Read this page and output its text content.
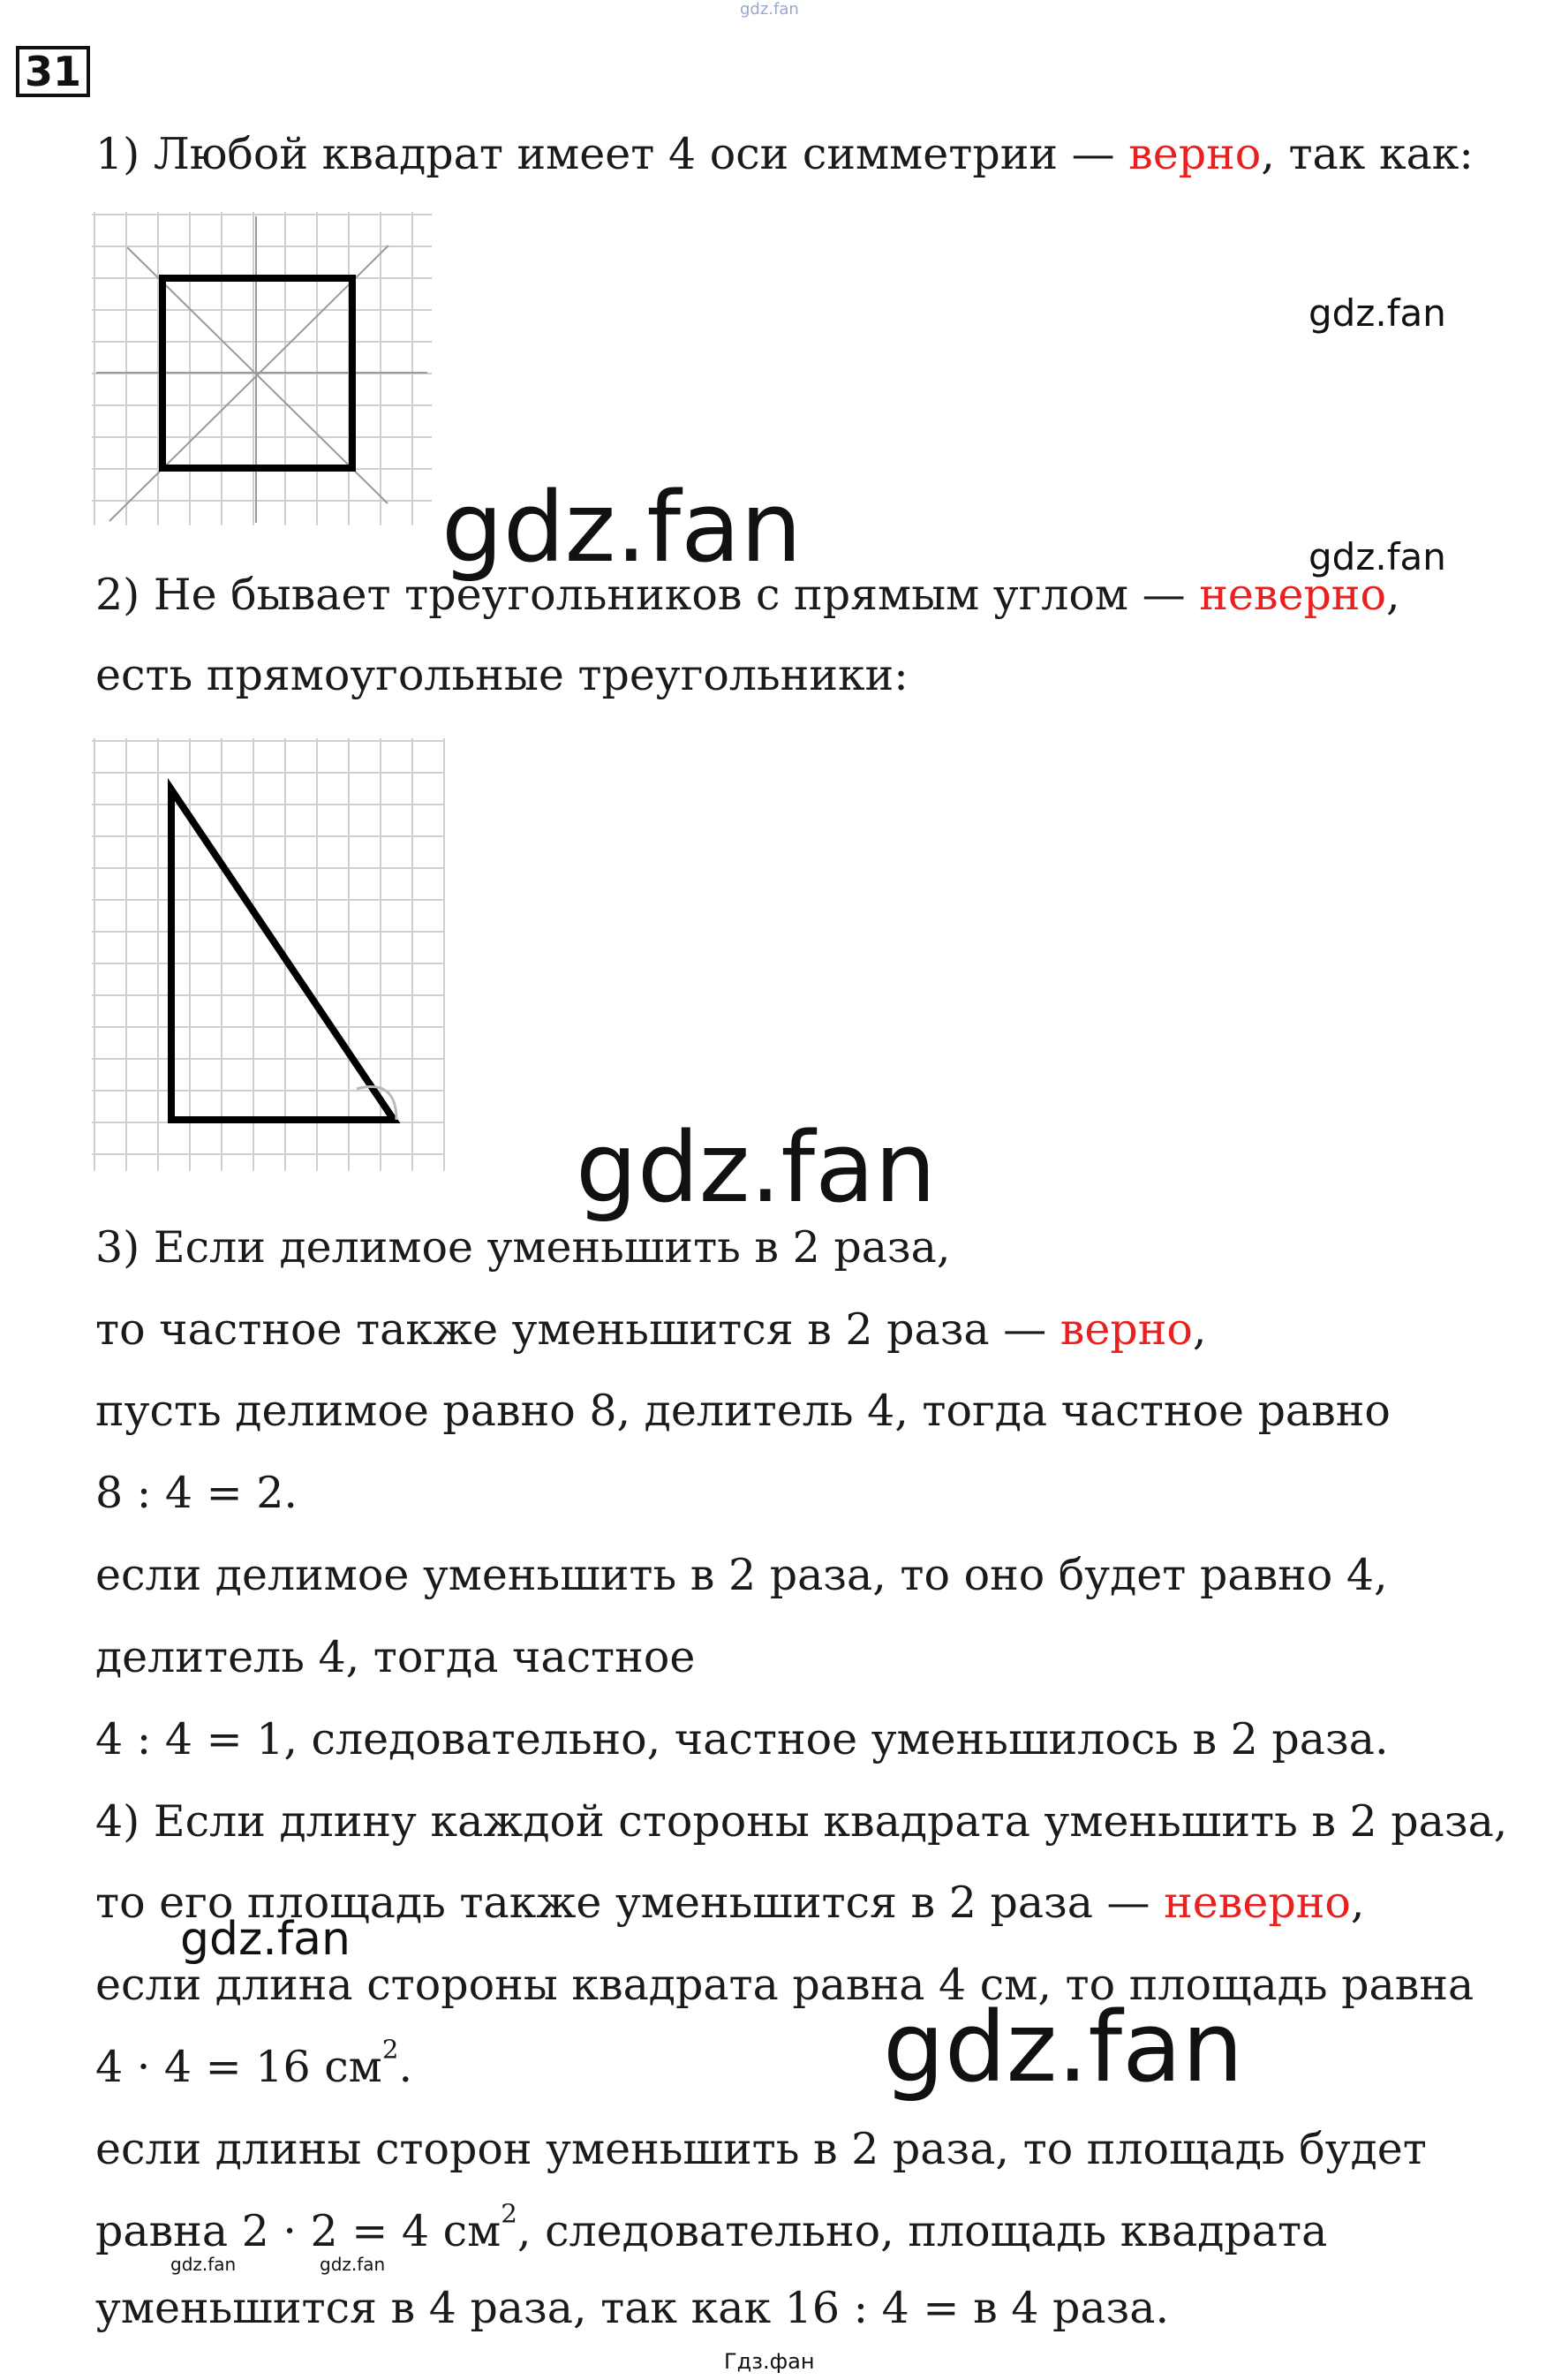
gdz.fan
31
1) Любой квадрат имеет 4 оси симметрии — верно, так как:
gdz.fan
gdz.fan
gdz.fan
2) Не бывает треугольников с прямым углом — неверно,
есть прямоугольные треугольники:
gdz.fan
3) Если делимое уменьшить в 2 раза,
то частное также уменьшится в 2 раза — верно,
пусть делимое равно 8, делитель 4, тогда частное равно
8 : 4 = 2.
если делимое уменьшить в 2 раза, то оно будет равно 4,
делитель 4, тогда частное
4 : 4 = 1, следовательно, частное уменьшилось в 2 раза.
4) Если длину каждой стороны квадрата уменьшить в 2 раза,
то его площадь также уменьшится в 2 раза — неверно,
gdz.fan
если длина стороны квадрата равна 4 см, то площадь равна
4 · 4 = 16 $см^2$.	gdz.fan
если длины сторон уменьшить в 2 раза, то площадь будет
равна 2 · 2 = 4 $см^2$, следовательно, площадь квадрата
gdz.fan	gdz.fan
уменьшится в 4 раза, так как 16 : 4 = в 4 раза.
Гдз.фан
